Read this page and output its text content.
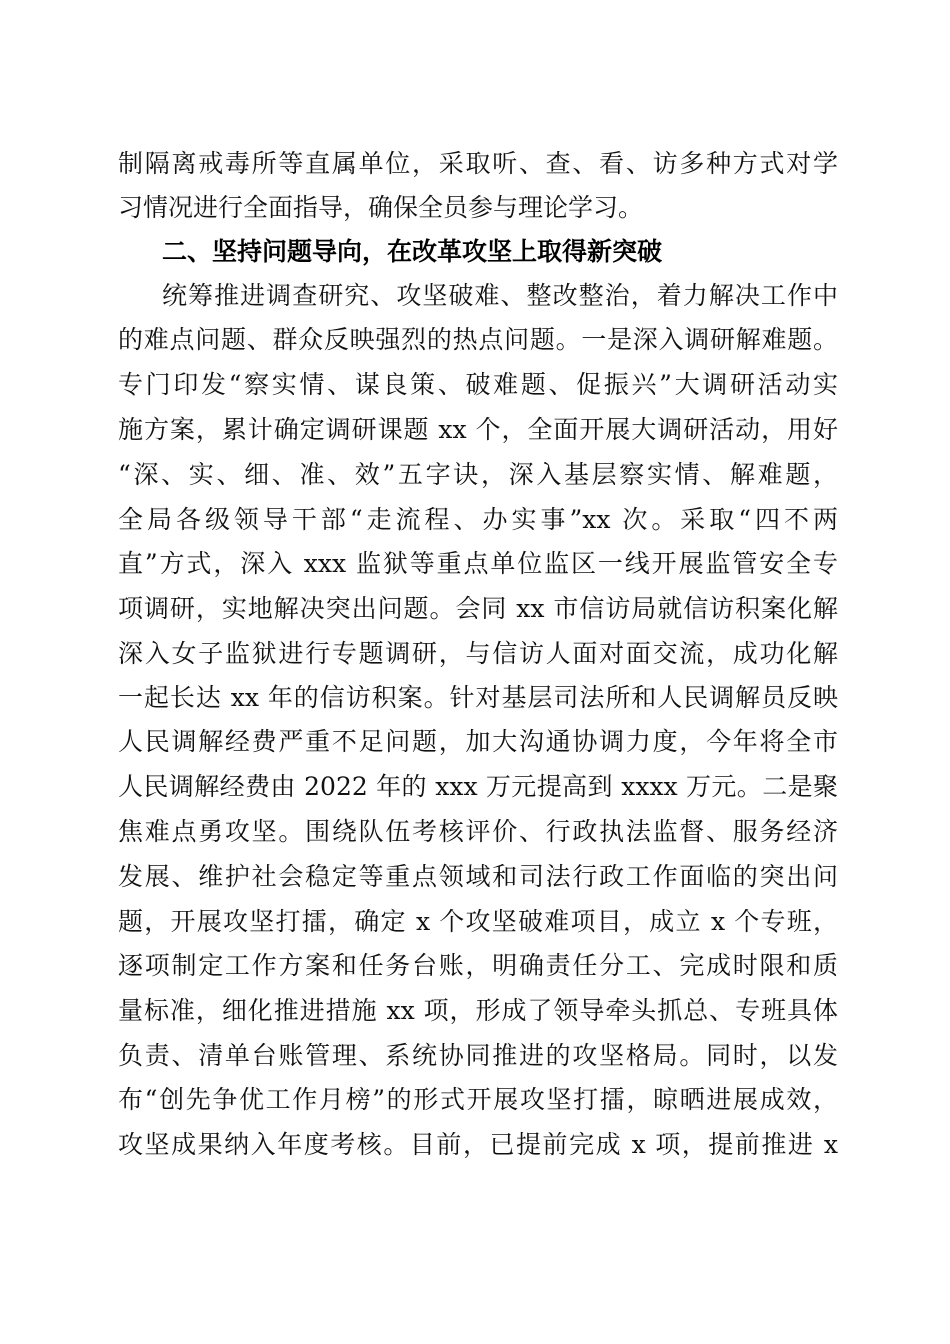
制隔离戒毒所等直属单位，采取听、查、看、访多种方式对学
习情况进行全面指导，确保全员参与理论学习。
二、坚持问题导向，在改革攻坚上取得新突破
统筹推进调查研究、攻坚破难、整改整治，着力解决工作中
的难点问题、群众反映强烈的热点问题。一是深入调研解难题。
专门印发“察实情、谋良策、破难题、促振兴”大调研活动实
施方案，累计确定调研课题 xx 个，全面开展大调研活动，用好
“深、实、细、准、效”五字诀，深入基层察实情、解难题，
全局各级领导干部“走流程、办实事”xx 次。采取“四不两
直”方式，深入 xxx 监狱等重点单位监区一线开展监管安全专
项调研，实地解决突出问题。会同 xx 市信访局就信访积案化解
深入女子监狱进行专题调研，与信访人面对面交流，成功化解
一起长达 xx 年的信访积案。针对基层司法所和人民调解员反映
人民调解经费严重不足问题，加大沟通协调力度，今年将全市
人民调解经费由 2022 年的 xxx 万元提高到 xxxx 万元。二是聚
焦难点勇攻坚。围绕队伍考核评价、行政执法监督、服务经济
发展、维护社会稳定等重点领域和司法行政工作面临的突出问
题，开展攻坚打擂，确定 x 个攻坚破难项目，成立 x 个专班，
逐项制定工作方案和任务台账，明确责任分工、完成时限和质
量标准，细化推进措施 xx 项，形成了领导牵头抓总、专班具体
负责、清单台账管理、系统协同推进的攻坚格局。同时，以发
布“创先争优工作月榜”的形式开展攻坚打擂，晾晒进展成效，
攻坚成果纳入年度考核。目前，已提前完成 x 项，提前推进 x
